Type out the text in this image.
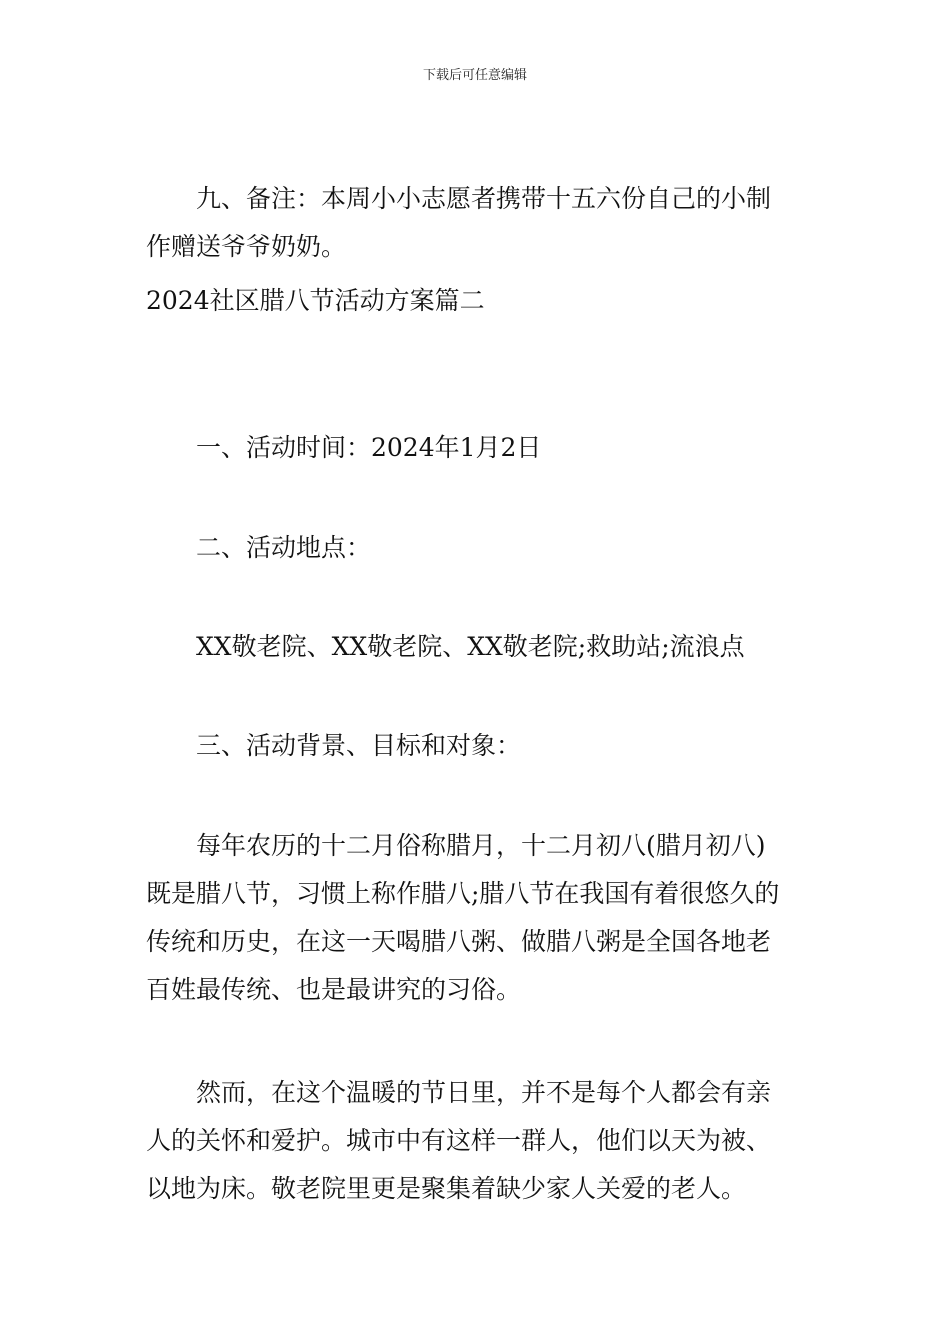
下载后可任意编辑
九、备注：本周小小志愿者携带十五六份自己的小制
作赠送爷爷奶奶。
2024社区腊八节活动方案篇二
一、活动时间：2024年1月2日
二、活动地点：
XX敬老院、XX敬老院、XX敬老院;救助站;流浪点
三、活动背景、目标和对象：
每年农历的十二月俗称腊月，十二月初八(腊月初八)
既是腊八节，习惯上称作腊八;腊八节在我国有着很悠久的
传统和历史，在这一天喝腊八粥、做腊八粥是全国各地老
百姓最传统、也是最讲究的习俗。
然而，在这个温暖的节日里，并不是每个人都会有亲
人的关怀和爱护。城市中有这样一群人，他们以天为被、
以地为床。敬老院里更是聚集着缺少家人关爱的老人。
